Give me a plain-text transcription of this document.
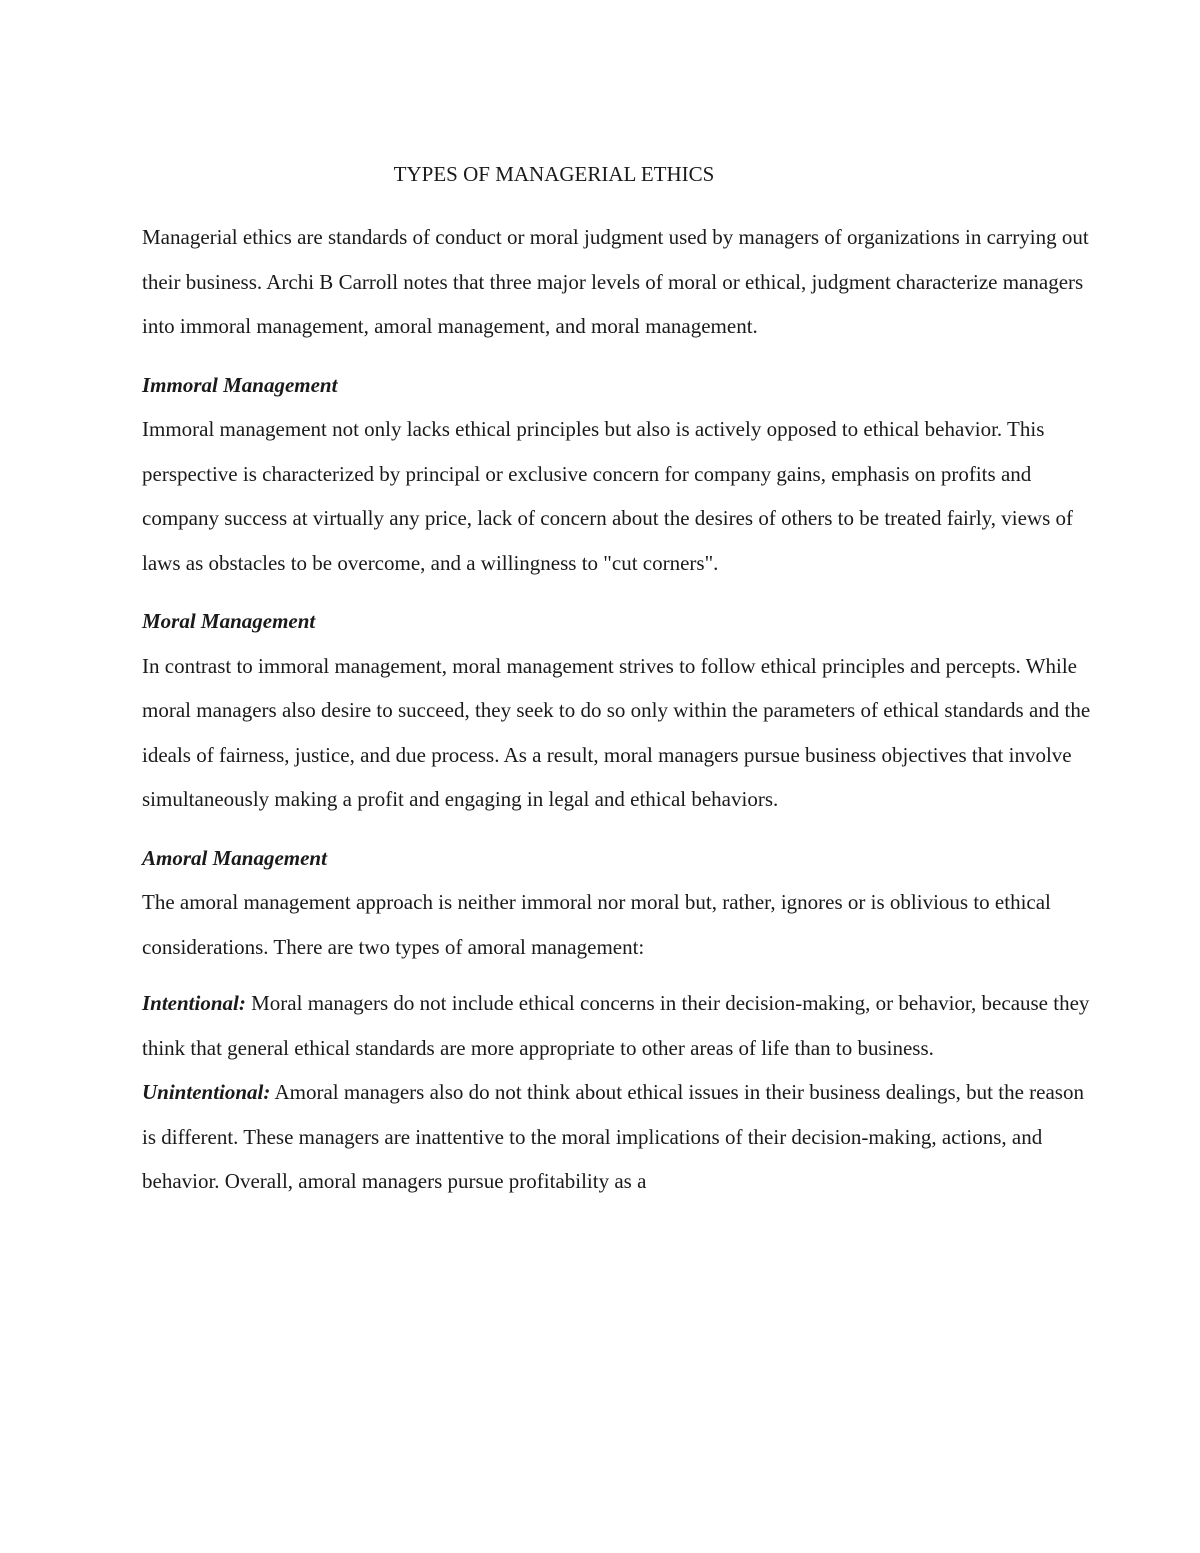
TYPES OF MANAGERIAL ETHICS

Managerial ethics are standards of conduct or moral judgment used by managers of organizations in carrying out their business. Archi B Carroll notes that three major levels of moral or ethical, judgment characterize managers into immoral management, amoral management, and moral management.

Immoral Management

Immoral management not only lacks ethical principles but also is actively opposed to ethical behavior. This perspective is characterized by principal or exclusive concern for company gains, emphasis on profits and company success at virtually any price, lack of concern about the desires of others to be treated fairly, views of laws as obstacles to be overcome, and a willingness to "cut corners".

Moral Management

In contrast to immoral management, moral management strives to follow ethical principles and percepts. While moral managers also desire to succeed, they seek to do so only within the parameters of ethical standards and the ideals of fairness, justice, and due process. As a result, moral managers pursue business objectives that involve simultaneously making a profit and engaging in legal and ethical behaviors.

Amoral Management

The amoral management approach is neither immoral nor moral but, rather, ignores or is oblivious to ethical considerations. There are two types of amoral management:

Intentional: Moral managers do not include ethical concerns in their decision-making, or behavior, because they think that general ethical standards are more appropriate to other areas of life than to business.

Unintentional: Amoral managers also do not think about ethical issues in their business dealings, but the reason is different. These managers are inattentive to the moral implications of their decision-making, actions, and behavior. Overall, amoral managers pursue profitability as a
